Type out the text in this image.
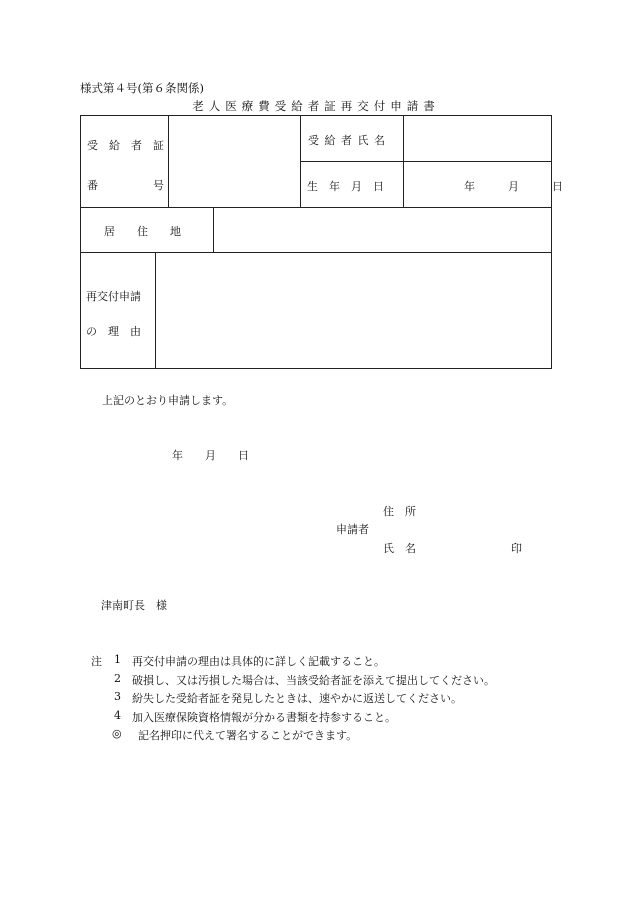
様式第４号(第６条関係)
老人医療費受給者証再交付申請書
受　給　者　証
番　　　　　号
受 給 者 氏 名
生　年　月　日	年　　　月　　　日
居　　住　　地
再交付申請
の　理　由
上記のとおり申請します。
年　　月　　日
住　所
申請者
氏　名	印
津南町長　様
注 1 再交付申請の理由は具体的に詳しく記載すること。
2 破損し、又は汚損した場合は、当該受給者証を添えて提出してください。
3 紛失した受給者証を発見したときは、速やかに返送してください。
4 加入医療保険資格情報が分かる書類を持参すること。
◎ 記名押印に代えて署名することができます。
